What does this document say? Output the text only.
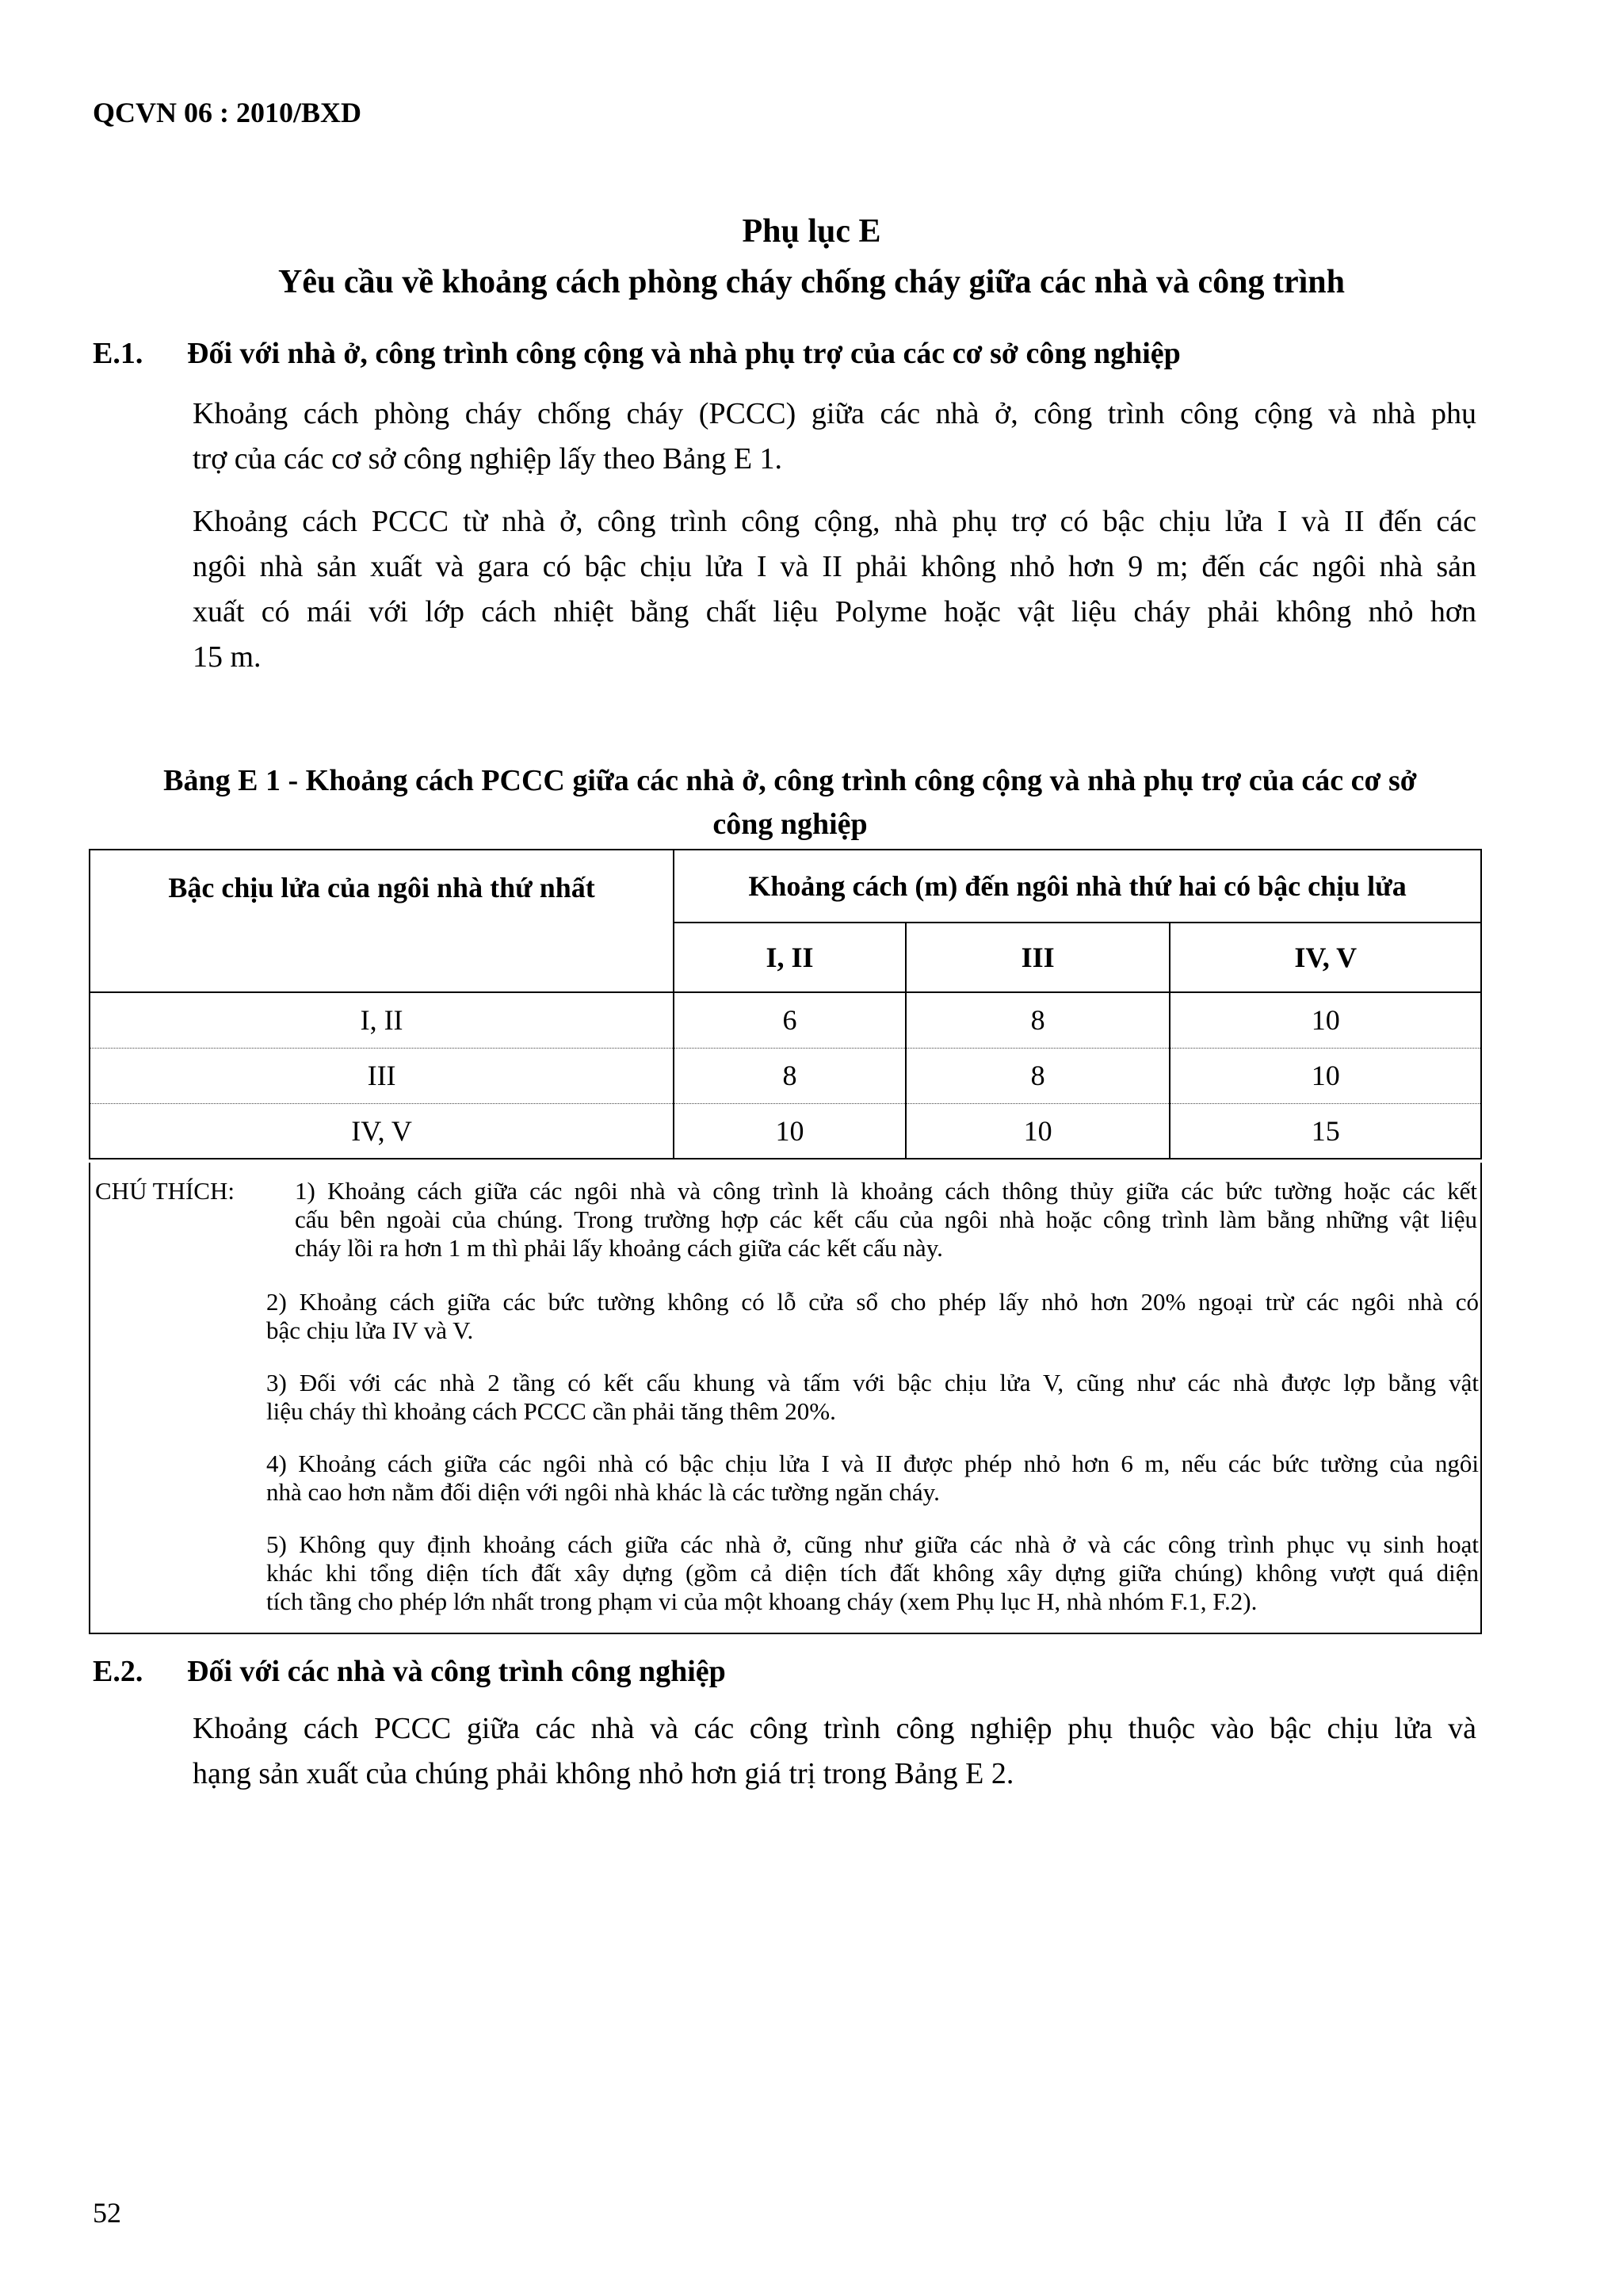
QCVN 06 : 2010/BXD
Phụ lục E
Yêu cầu về khoảng cách phòng cháy chống cháy giữa các nhà và công trình
E.1. Đối với nhà ở, công trình công cộng và nhà phụ trợ của các cơ sở công nghiệp
Khoảng cách phòng cháy chống cháy (PCCC) giữa các nhà ở, công trình công cộng và nhà phụ
trợ của các cơ sở công nghiệp lấy theo Bảng E 1.
Khoảng cách PCCC từ nhà ở, công trình công cộng, nhà phụ trợ có bậc chịu lửa I và II đến các
ngôi nhà sản xuất và gara có bậc chịu lửa I và II phải không nhỏ hơn 9 m; đến các ngôi nhà sản
xuất có mái với lớp cách nhiệt bằng chất liệu Polyme hoặc vật liệu cháy phải không nhỏ hơn
15 m.
Bảng E 1 - Khoảng cách PCCC giữa các nhà ở, công trình công cộng và nhà phụ trợ của các cơ sở
công nghiệp
Bậc chịu lửa của ngôi nhà thứ nhất	Khoảng cách (m) đến ngôi nhà thứ hai có bậc chịu lửa		
	I, II	III	IV, V
I, II	6	8	10
III	8	8	10
IV, V	10	10	15
CHÚ THÍCH: 1) Khoảng cách giữa các ngôi nhà và công trình là khoảng cách thông thủy giữa các bức tường hoặc các kết
cấu bên ngoài của chúng. Trong trường hợp các kết cấu của ngôi nhà hoặc công trình làm bằng những vật liệu
cháy lồi ra hơn 1 m thì phải lấy khoảng cách giữa các kết cấu này.
2) Khoảng cách giữa các bức tường không có lỗ cửa sổ cho phép lấy nhỏ hơn 20% ngoại trừ các ngôi nhà có
bậc chịu lửa IV và V.
3) Đối với các nhà 2 tầng có kết cấu khung và tấm với bậc chịu lửa V, cũng như các nhà được lợp bằng vật
liệu cháy thì khoảng cách PCCC cần phải tăng thêm 20%.
4) Khoảng cách giữa các ngôi nhà có bậc chịu lửa I và II được phép nhỏ hơn 6 m, nếu các bức tường của ngôi
nhà cao hơn nằm đối diện với ngôi nhà khác là các tường ngăn cháy.
5) Không quy định khoảng cách giữa các nhà ở, cũng như giữa các nhà ở và các công trình phục vụ sinh hoạt
khác khi tổng diện tích đất xây dựng (gồm cả diện tích đất không xây dựng giữa chúng) không vượt quá diện
tích tầng cho phép lớn nhất trong phạm vi của một khoang cháy (xem Phụ lục H, nhà nhóm F.1, F.2).
E.2. Đối với các nhà và công trình công nghiệp
Khoảng cách PCCC giữa các nhà và các công trình công nghiệp phụ thuộc vào bậc chịu lửa và
hạng sản xuất của chúng phải không nhỏ hơn giá trị trong Bảng E 2.
52
